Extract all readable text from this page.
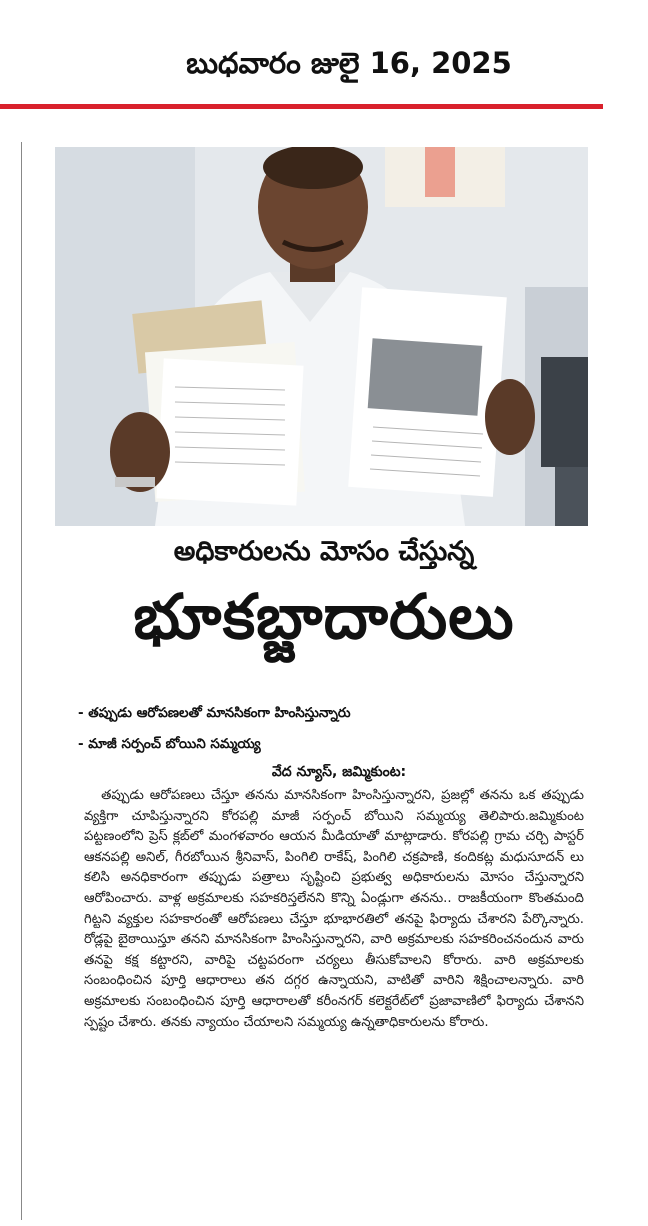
బుధవారం జులై 16, 2025
అధికారులను మోసం చేస్తున్న
భూకబ్జాదారులు
- తప్పుడు ఆరోపణలతో మానసికంగా హింసిస్తున్నారు
- మాజీ సర్పంచ్ బోయిని సమ్మయ్య
వేద న్యూస్, జమ్మికుంట:
తప్పుడు ఆరోపణలు చేస్తూ తనను మానసికంగా హింసిస్తున్నారని, ప్రజల్లో తనను ఒక తప్పుడు వ్యక్తిగా చూపిస్తున్నారని కోరపల్లి మాజీ సర్పంచ్ బోయిని సమ్మయ్య తెలిపారు.జమ్మికుంట పట్టణంలోని ప్రెస్ క్లబ్‌లో మంగళవారం ఆయన మీడియాతో మాట్లాడారు. కోరపల్లి గ్రామ చర్చి పాస్టర్ ఆకనపల్లి అనిల్, గీరబోయిన శ్రీనివాస్, పింగిలి రాకేష్, పింగిలి చక్రపాణి, కందికట్ల మధుసూదన్ లు కలిసి అనధికారంగా తప్పుడు పత్రాలు సృష్టించి ప్రభుత్వ అధికారులను మోసం చేస్తున్నారని ఆరోపించారు. వాళ్ల అక్రమాలకు సహకరిస్తలేనని కొన్ని ఏండ్లుగా తనను.. రాజకీయంగా కొంతమంది గిట్టని వ్యక్తుల సహకారంతో ఆరోపణలు చేస్తూ భూభారతిలో తనపై ఫిర్యాదు చేశారని పేర్కొన్నారు. రోడ్లపై బైఠాయిస్తూ తనని మానసికంగా హింసిస్తున్నారని, వారి అక్రమాలకు సహకరించనందున వారు తనపై కక్ష కట్టారని, వారిపై చట్టపరంగా చర్యలు తీసుకోవాలని కోరారు. వారి అక్రమాలకు సంబంధించిన పూర్తి ఆధారాలు తన దగ్గర ఉన్నాయని, వాటితో వారిని శిక్షించాలన్నారు. వారి అక్రమాలకు సంబంధించిన పూర్తి ఆధారాలతో కరీంనగర్ కలెక్టరేట్‌లో ప్రజావాణిలో ఫిర్యాదు చేశానని స్పష్టం చేశారు. తనకు న్యాయం చేయాలని సమ్మయ్య ఉన్నతాధికారులను కోరారు.
